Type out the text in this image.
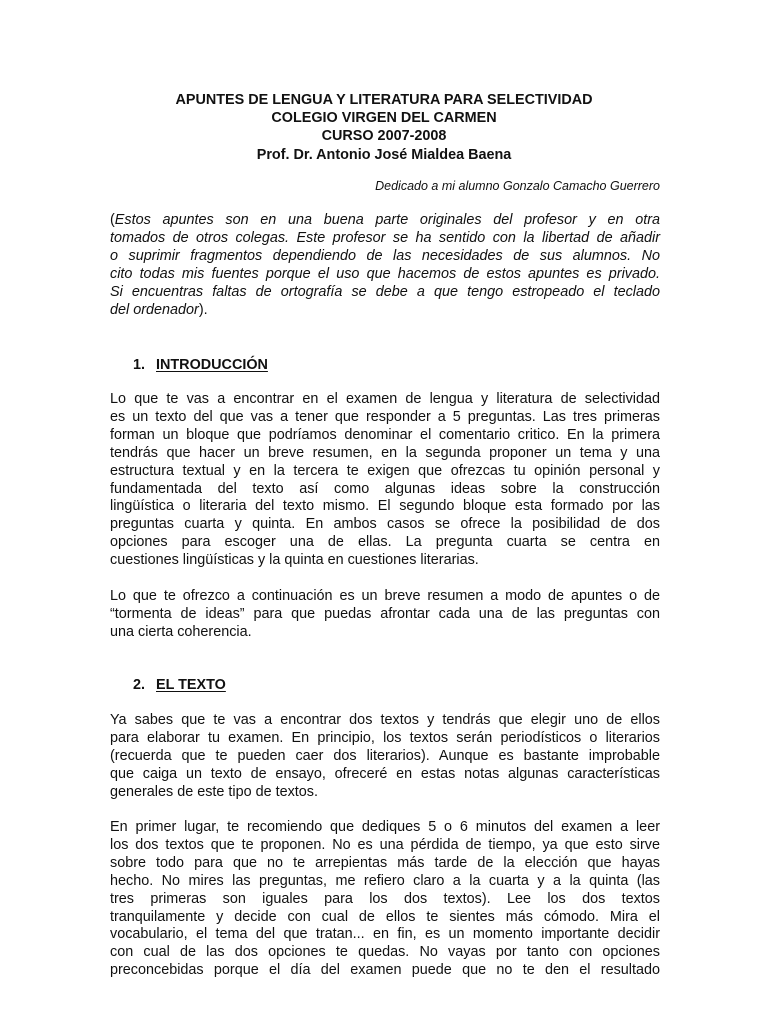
APUNTES DE LENGUA Y LITERATURA PARA SELECTIVIDAD
COLEGIO VIRGEN DEL CARMEN
CURSO 2007-2008
Prof. Dr. Antonio José Mialdea Baena
Dedicado a mi alumno Gonzalo Camacho Guerrero
(Estos apuntes son en una buena parte originales del profesor y en otra
tomados de otros colegas. Este profesor se ha sentido con la libertad de añadir
o suprimir fragmentos dependiendo de las necesidades de sus alumnos. No
cito todas mis fuentes porque el uso que hacemos de estos apuntes es privado.
Si encuentras faltas de ortografía se debe a que tengo estropeado el teclado
del ordenador).
1. INTRODUCCIÓN
Lo que te vas a encontrar en el examen de lengua y literatura de selectividad
es un texto del que vas a tener que responder a 5 preguntas. Las tres primeras
forman un bloque que podríamos denominar el comentario critico. En la primera
tendrás que hacer un breve resumen, en la segunda proponer un tema y una
estructura textual y en la tercera te exigen que ofrezcas tu opinión personal y
fundamentada del texto así como algunas ideas sobre la construcción
lingüística o literaria del texto mismo. El segundo bloque esta formado por las
preguntas cuarta y quinta. En ambos casos se ofrece la posibilidad de dos
opciones para escoger una de ellas. La pregunta cuarta se centra en
cuestiones lingüísticas y la quinta en cuestiones literarias.
Lo que te ofrezco a continuación es un breve resumen a modo de apuntes o de
“tormenta de ideas” para que puedas afrontar cada una de las preguntas con
una cierta coherencia.
2. EL TEXTO
Ya sabes que te vas a encontrar dos textos y tendrás que elegir uno de ellos
para elaborar tu examen. En principio, los textos serán periodísticos o literarios
(recuerda que te pueden caer dos literarios). Aunque es bastante improbable
que caiga un texto de ensayo, ofreceré en estas notas algunas características
generales de este tipo de textos.
En primer lugar, te recomiendo que dediques 5 o 6 minutos del examen a leer
los dos textos que te proponen. No es una pérdida de tiempo, ya que esto sirve
sobre todo para que no te arrepientas más tarde de la elección que hayas
hecho. No mires las preguntas, me refiero claro a la cuarta y a la quinta (las
tres primeras son iguales para los dos textos). Lee los dos textos
tranquilamente y decide con cual de ellos te sientes más cómodo. Mira el
vocabulario, el tema del que tratan... en fin, es un momento importante decidir
con cual de las dos opciones te quedas. No vayas por tanto con opciones
preconcebidas porque el día del examen puede que no te den el resultado
